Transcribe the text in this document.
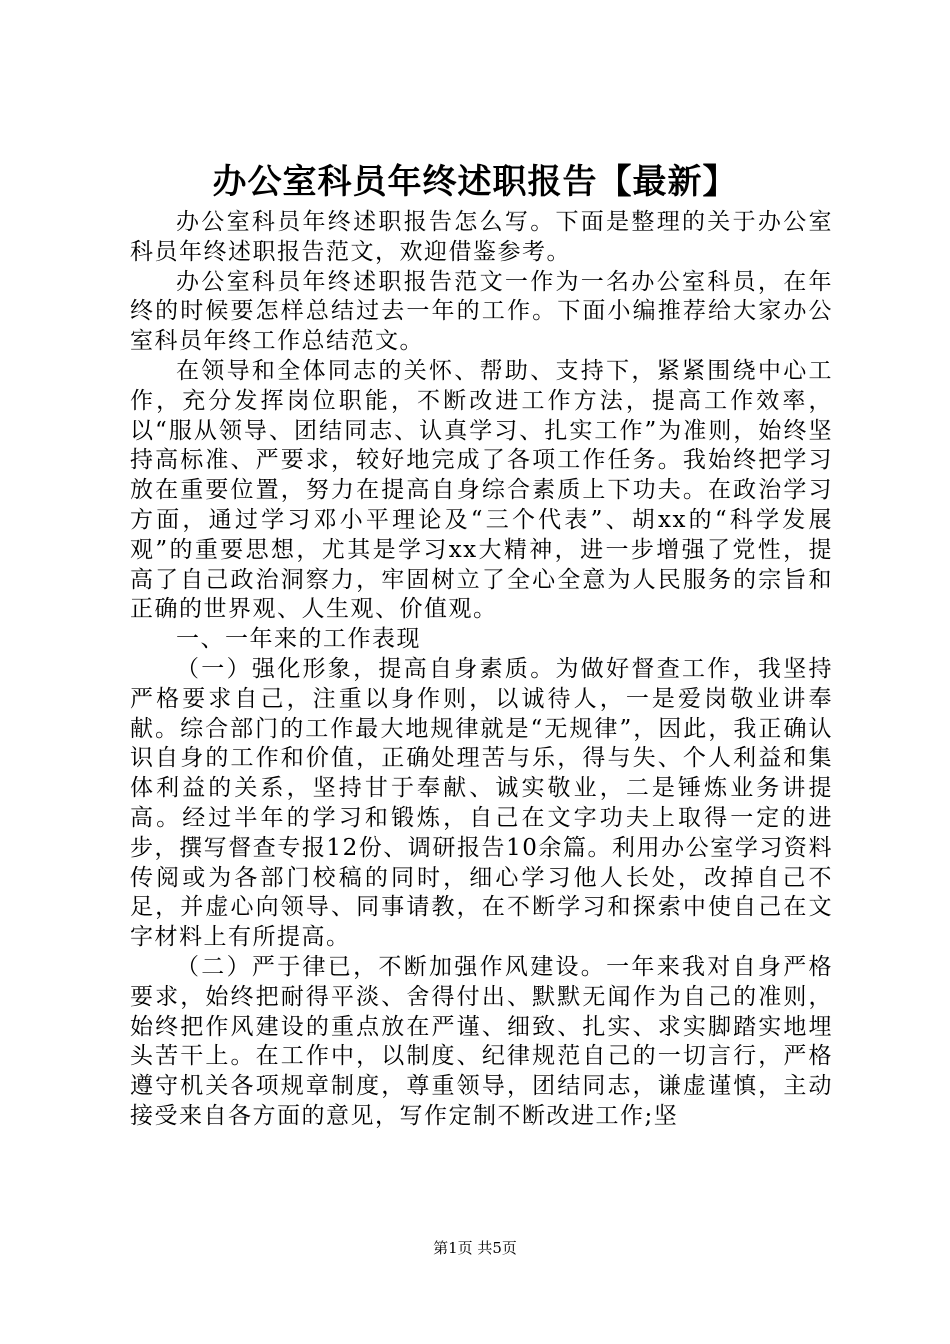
办公室科员年终述职报告【最新】

办公室科员年终述职报告怎么写。下面是整理的关于办公室科员年终述职报告范文，欢迎借鉴参考。

办公室科员年终述职报告范文一作为一名办公室科员，在年终的时候要怎样总结过去一年的工作。下面小编推荐给大家办公室科员年终工作总结范文。

在领导和全体同志的关怀、帮助、支持下，紧紧围绕中心工作，充分发挥岗位职能，不断改进工作方法，提高工作效率，以“服从领导、团结同志、认真学习、扎实工作”为准则，始终坚持高标准、严要求，较好地完成了各项工作任务。我始终把学习放在重要位置，努力在提高自身综合素质上下功夫。在政治学习方面，通过学习邓小平理论及“三个代表”、胡xx的“科学发展观”的重要思想，尤其是学习xx大精神，进一步增强了党性，提高了自己政治洞察力，牢固树立了全心全意为人民服务的宗旨和正确的世界观、人生观、价值观。

一、一年来的工作表现

（一）强化形象，提高自身素质。为做好督查工作，我坚持严格要求自己，注重以身作则，以诚待人，一是爱岗敬业讲奉献。综合部门的工作最大地规律就是“无规律”，因此，我正确认识自身的工作和价值，正确处理苦与乐，得与失、个人利益和集体利益的关系，坚持甘于奉献、诚实敬业，二是锤炼业务讲提高。经过半年的学习和锻炼，自己在文字功夫上取得一定的进步，撰写督查专报12份、调研报告10余篇。利用办公室学习资料传阅或为各部门校稿的同时，细心学习他人长处，改掉自己不足，并虚心向领导、同事请教，在不断学习和探索中使自己在文字材料上有所提高。

（二）严于律已，不断加强作风建设。一年来我对自身严格要求，始终把耐得平淡、舍得付出、默默无闻作为自己的准则，始终把作风建设的重点放在严谨、细致、扎实、求实脚踏实地埋头苦干上。在工作中，以制度、纪律规范自己的一切言行，严格遵守机关各项规章制度，尊重领导，团结同志，谦虚谨慎，主动接受来自各方面的意见，写作定制不断改进工作;坚

第1页 共5页
